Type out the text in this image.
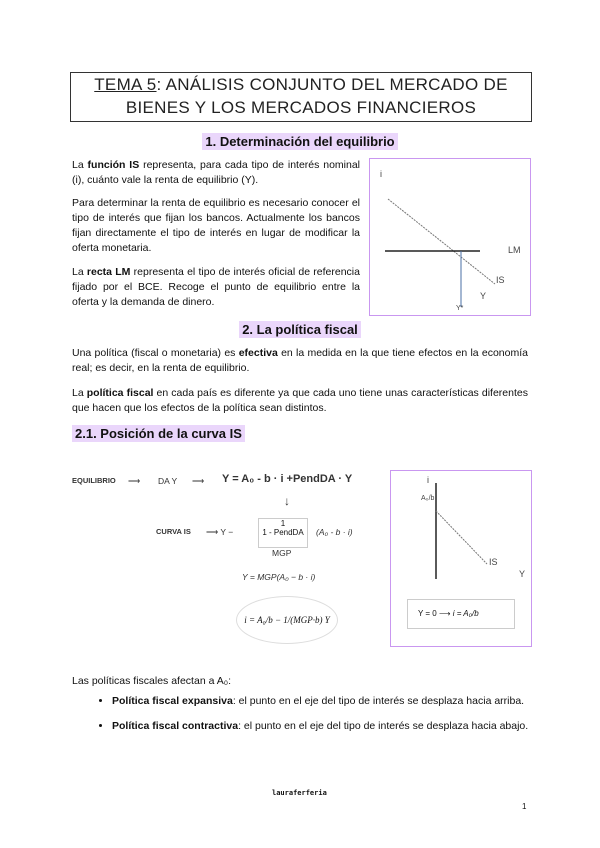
TEMA 5: ANÁLISIS CONJUNTO DEL MERCADO DE
BIENES Y LOS MERCADOS FINANCIEROS
1. Determinación del equilibrio
La función IS representa, para cada tipo de interés nominal (i), cuánto vale la renta de equilibrio (Y).
Para determinar la renta de equilibrio es necesario conocer el tipo de interés que fijan los bancos. Actualmente los bancos fijan directamente el tipo de interés en lugar de modificar la oferta monetaria.
La recta LM representa el tipo de interés oficial de referencia fijado por el BCE. Recoge el punto de equilibrio entre la oferta y la demanda de dinero.
i
LM
IS
Y
Y*
2. La política fiscal
Una política (fiscal o monetaria) es efectiva en la medida en la que tiene efectos en la economía real; es decir, en la renta de equilibrio.
La política fiscal en cada país es diferente ya que cada uno tiene unas características diferentes que hacen que los efectos de la política sean distintos.
2.1. Posición de la curva IS
EQUILIBRIO ⟶ DA Y ⟶ Y = A₀ - b · i +PendDA · Y
↓
CURVA IS ⟶ Y −
1
1 - PendDA	(A₀ - b · i)
MGP
Y = MGP(A₀ − b · i)
i = A₀/b − 1/(MGP·b) Y
i
A₀/b
IS
Y
Y = 0 ⟶ i = A₀/b
Las políticas fiscales afectan a A₀:
• Política fiscal expansiva: el punto en el eje del tipo de interés se desplaza hacia arriba.
• Política fiscal contractiva: el punto en el eje del tipo de interés se desplaza hacia abajo.
lauraferferia
1
